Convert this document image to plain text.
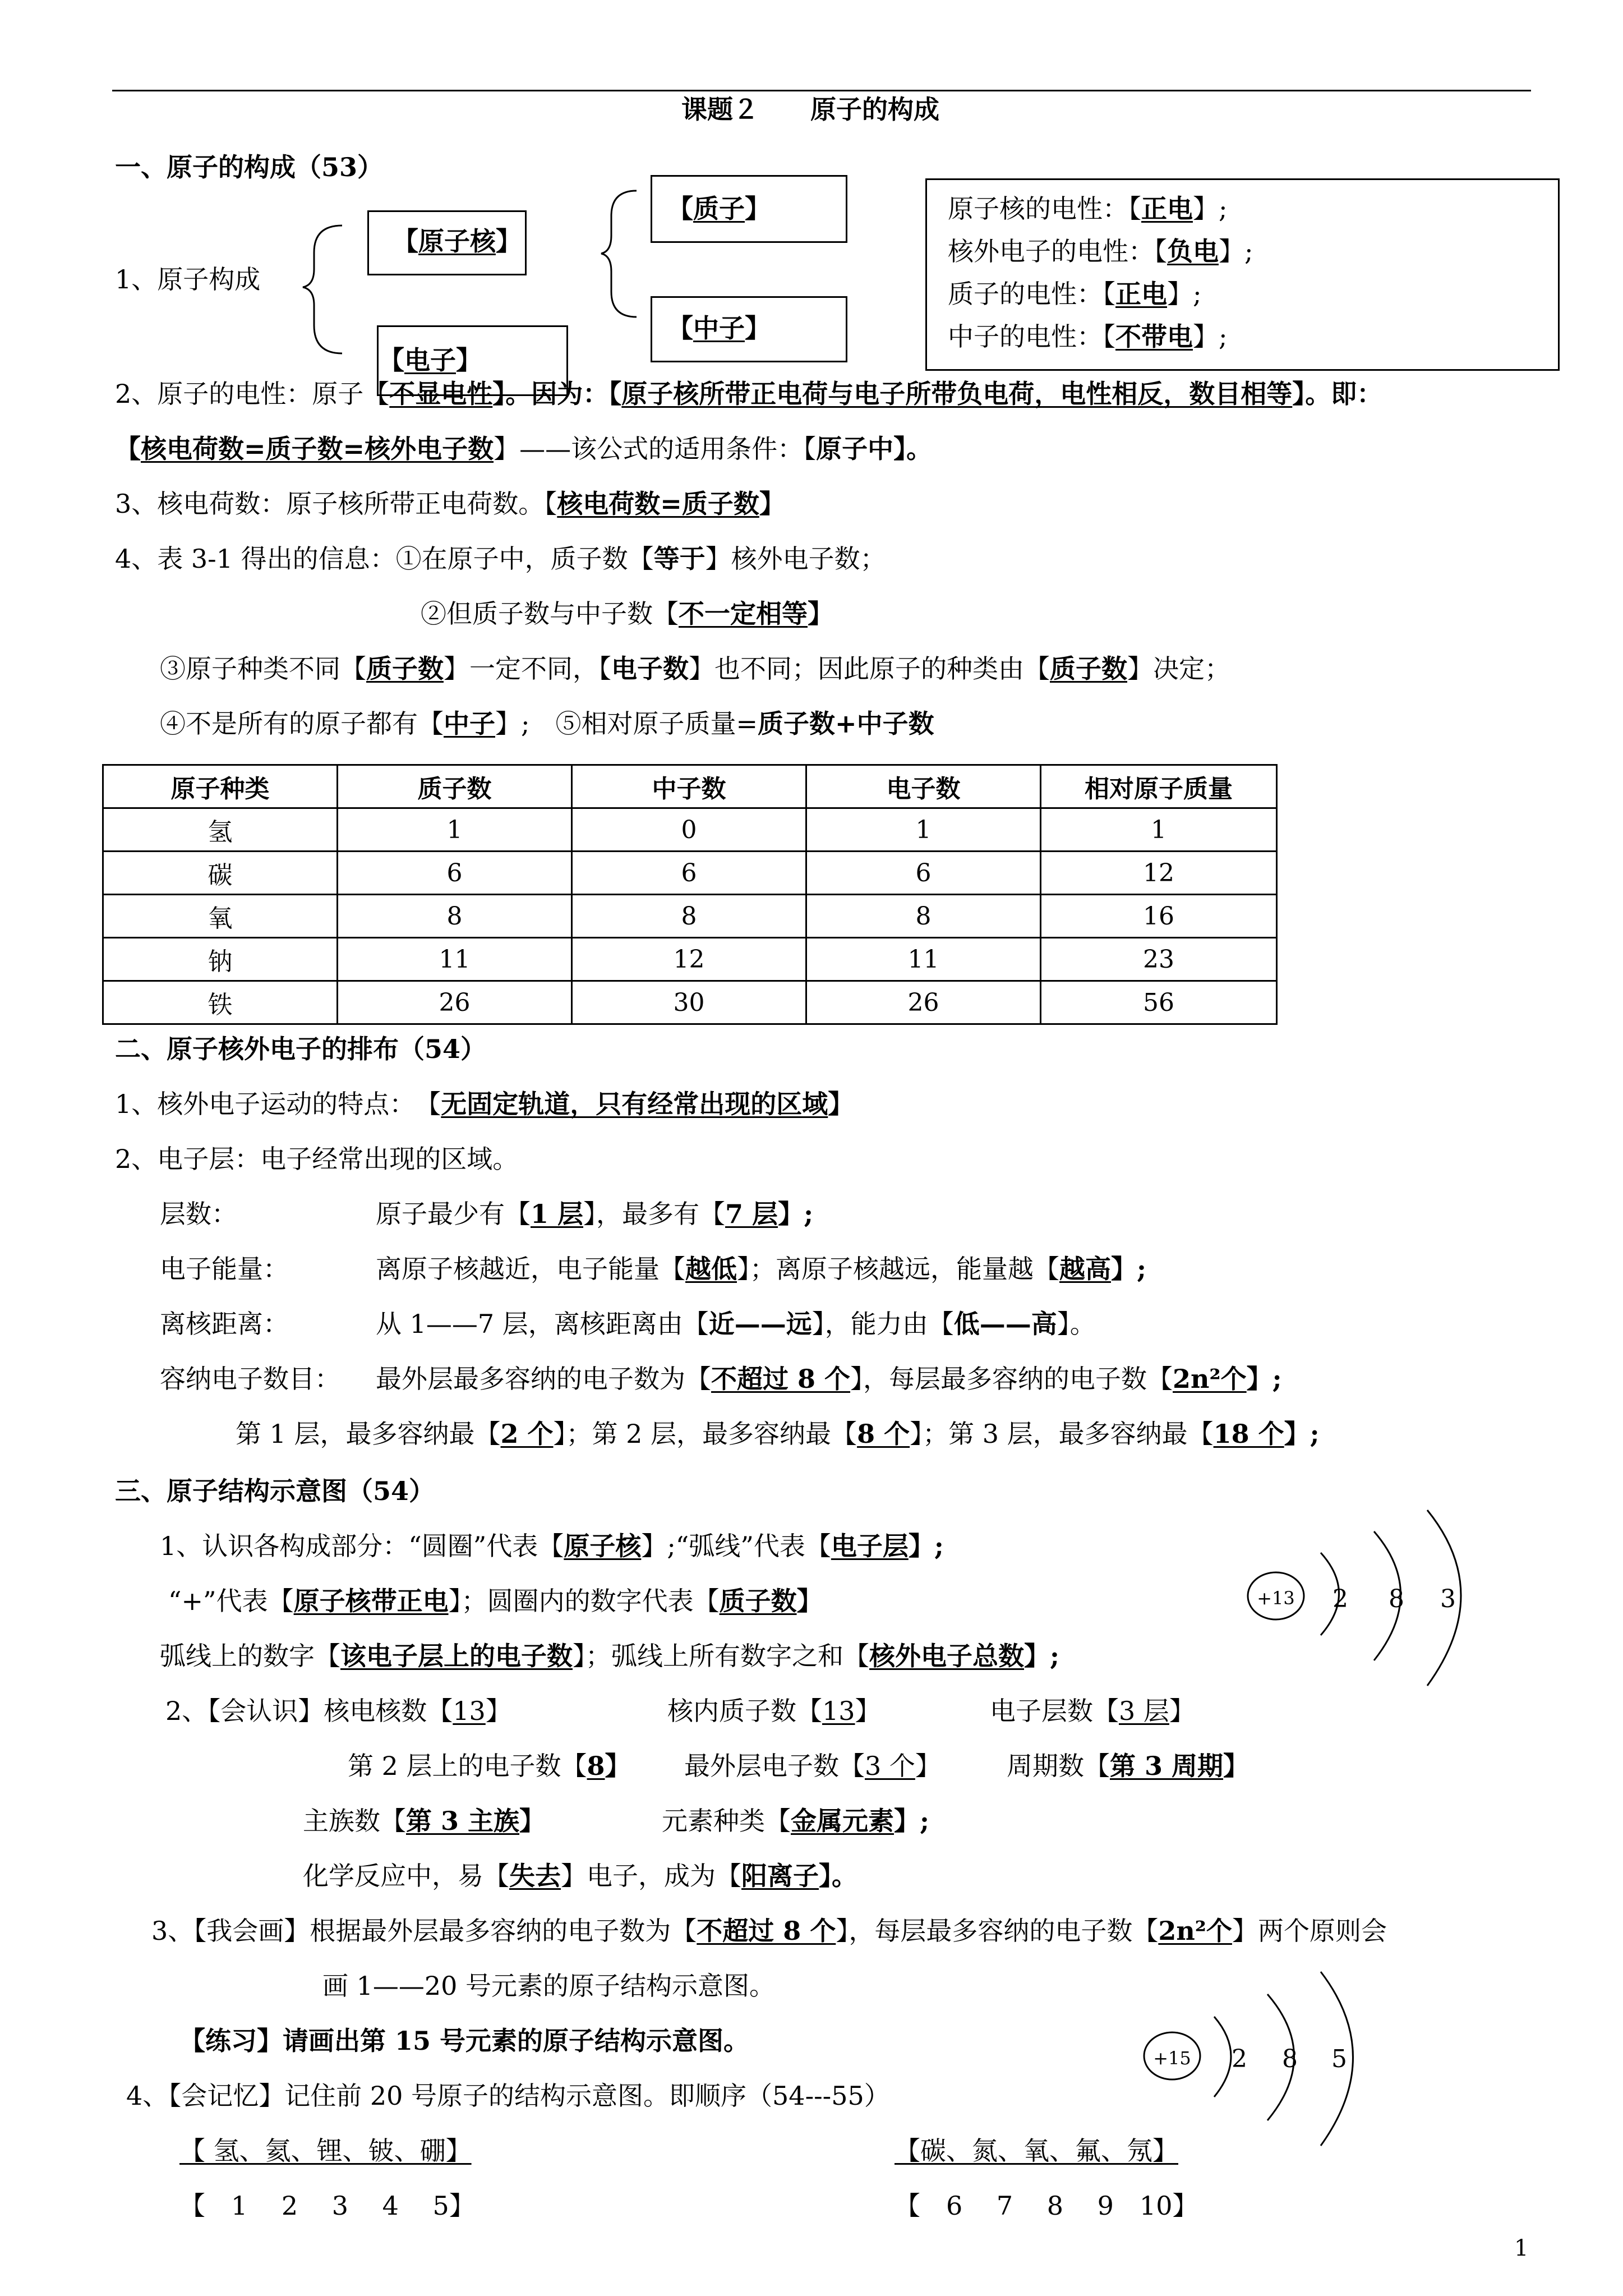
课题２　　原子的构成
一、原子的构成（53）
1、原子构成
【原子核】
【电子】
【质子】
【中子】
原子核的电性：【正电】;
核外电子的电性：【负电】;
质子的电性：【正电】;
中子的电性：【不带电】;
2、原子的电性：原子【不显电性】。因为：【原子核所带正电荷与电子所带负电荷，电性相反，数目相等】。即：
【核电荷数=质子数=核外电子数】——该公式的适用条件：【原子中】。
3、核电荷数：原子核所带正电荷数。【核电荷数=质子数】
4、表 3-1 得出的信息：①在原子中，质子数【等于】核外电子数；
②但质子数与中子数【不一定相等】
③原子种类不同【质子数】一定不同，【电子数】也不同；因此原子的种类由【质子数】决定；
④不是所有的原子都有【中子】;　⑤相对原子质量=质子数+中子数
原子种类	质子数	中子数	电子数	相对原子质量
氢	1	0	1	1
碳	6	6	6	12
氧	8	8	8	16
钠	11	12	11	23
铁	26	30	26	56
二、原子核外电子的排布（54）
1、核外电子运动的特点：　【无固定轨道，只有经常出现的区域】
2、电子层：电子经常出现的区域。
层数：	原子最少有【1 层】，最多有【7 层】;
电子能量：	离原子核越近，电子能量【越低】；离原子核越远，能量越【越高】;
离核距离：	从 1——7 层，离核距离由【近——远】，能力由【低——高】。
容纳电子数目： 最外层最多容纳的电子数为【不超过 8 个】，每层最多容纳的电子数【2n²个】;
第 1 层，最多容纳最【2 个】；第 2 层，最多容纳最【8 个】；第 3 层，最多容纳最【18 个】;
三、原子结构示意图（54）
1、认识各构成部分：“圆圈”代表【原子核】;“弧线”代表【电子层】;
“+”代表【原子核带正电】；圆圈内的数字代表【质子数】
弧线上的数字【该电子层上的电子数】；弧线上所有数字之和【核外电子总数】;
+13 2 8 3
2、【会认识】核电核数【13】	核内质子数【13】	电子层数【3 层】
第 2 层上的电子数【8】 最外层电子数【3 个】	周期数【第 3 周期】
主族数【第 3 主族】	元素种类【金属元素】;
化学反应中，易【失去】电子，成为【阳离子】。
3、【我会画】根据最外层最多容纳的电子数为【不超过 8 个】，每层最多容纳的电子数【2n²个】两个原则会
画 1——20 号元素的原子结构示意图。
【练习】请画出第 15 号元素的原子结构示意图。
+15 2 8 5
4、【会记忆】记住前 20 号原子的结构示意图。即顺序（54---55）
【 氢、氦、锂、铍、硼】
【　1　 2　 3　 4　 5】
【碳、氮、氧、氟、氖】
【　6　 7　 8　 9　10】
1
